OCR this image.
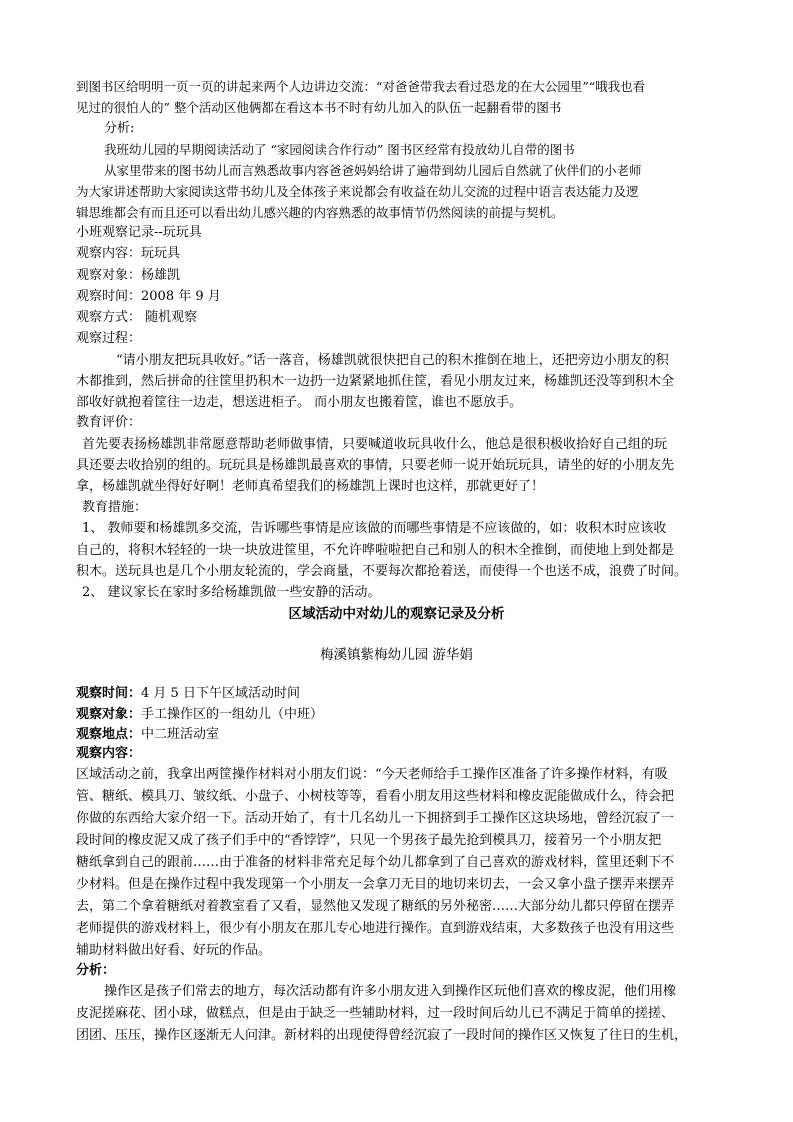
到图书区给明明一页一页的讲起来两个人边讲边交流：“对爸爸带我去看过恐龙的在大公园里”“哦我也看
见过的很怕人的” 整个活动区他俩都在看这本书不时有幼儿加入的队伍一起翻看带的图书
分析:
我班幼儿园的早期阅读活动了 “家园阅读合作行动” 图书区经常有投放幼儿自带的图书
从家里带来的图书幼儿而言熟悉故事内容爸爸妈妈给讲了遍带到幼儿园后自然就了伙伴们的小老师
为大家讲述帮助大家阅读这带书幼儿及全体孩子来说都会有收益在幼儿交流的过程中语言表达能力及逻
辑思维都会有而且还可以看出幼儿感兴趣的内容熟悉的故事情节仍然阅读的前提与契机。
小班观察记录--玩玩具
观察内容：玩玩具
观察对象：杨雄凯
观察时间：2008 年 9 月
观察方式： 随机观察
观察过程：
“请小朋友把玩具收好。”话一落音，杨雄凯就很快把自己的积木推倒在地上，还把旁边小朋友的积
木都推到，然后拼命的往筐里扔积木一边扔一边紧紧地抓住筐，看见小朋友过来，杨雄凯还没等到积木全
部收好就抱着筐往一边走，想送进柜子。 而小朋友也搬着筐，谁也不愿放手。
教育评价：
首先要表扬杨雄凯非常愿意帮助老师做事情，只要喊道收玩具收什么，他总是很积极收拾好自己组的玩
具还要去收拾别的组的。玩玩具是杨雄凯最喜欢的事情，只要老师一说开始玩玩具，请坐的好的小朋友先
拿，杨雄凯就坐得好好啊！老师真希望我们的杨雄凯上课时也这样，那就更好了！
教育措施：
1、 教师要和杨雄凯多交流，告诉哪些事情是应该做的而哪些事情是不应该做的，如：收积木时应该收
自己的，将积木轻轻的一块一块放进筐里，不允许哗啦啦把自己和别人的积木全推倒，而使地上到处都是
积木。送玩具也是几个小朋友轮流的，学会商量，不要每次都抢着送，而使得一个也送不成，浪费了时间。
2、 建议家长在家时多给杨雄凯做一些安静的活动。
区域活动中对幼儿的观察记录及分析
梅溪镇紫梅幼儿园 游华娟
观察时间：4 月 5 日下午区域活动时间
观察对象：手工操作区的一组幼儿（中班）
观察地点：中二班活动室
观察内容：
区域活动之前，我拿出两筐操作材料对小朋友们说：“今天老师给手工操作区准备了许多操作材料，有吸
管、糖纸、模具刀、皱纹纸、小盘子、小树枝等等，看看小朋友用这些材料和橡皮泥能做成什么，待会把
你做的东西给大家介绍一下。活动开始了，有十几名幼儿一下拥挤到手工操作区这块场地，曾经沉寂了一
段时间的橡皮泥又成了孩子们手中的“香饽饽”，只见一个男孩子最先抢到模具刀，接着另一个小朋友把
糖纸拿到自己的跟前……由于准备的材料非常充足每个幼儿都拿到了自己喜欢的游戏材料，筐里还剩下不
少材料。但是在操作过程中我发现第一个小朋友一会拿刀无目的地切来切去，一会又拿小盘子摆弄来摆弄
去，第二个拿着糖纸对着教室看了又看，显然他又发现了糖纸的另外秘密……大部分幼儿都只停留在摆弄
老师提供的游戏材料上，很少有小朋友在那儿专心地进行操作。直到游戏结束，大多数孩子也没有用这些
辅助材料做出好看、好玩的作品。
分析：
操作区是孩子们常去的地方，每次活动都有许多小朋友进入到操作区玩他们喜欢的橡皮泥，他们用橡
皮泥搓麻花、团小球，做糕点，但是由于缺乏一些辅助材料，过一段时间后幼儿已不满足于简单的搓搓、
团团、压压，操作区逐渐无人问津。新材料的出现使得曾经沉寂了一段时间的操作区又恢复了往日的生机，
